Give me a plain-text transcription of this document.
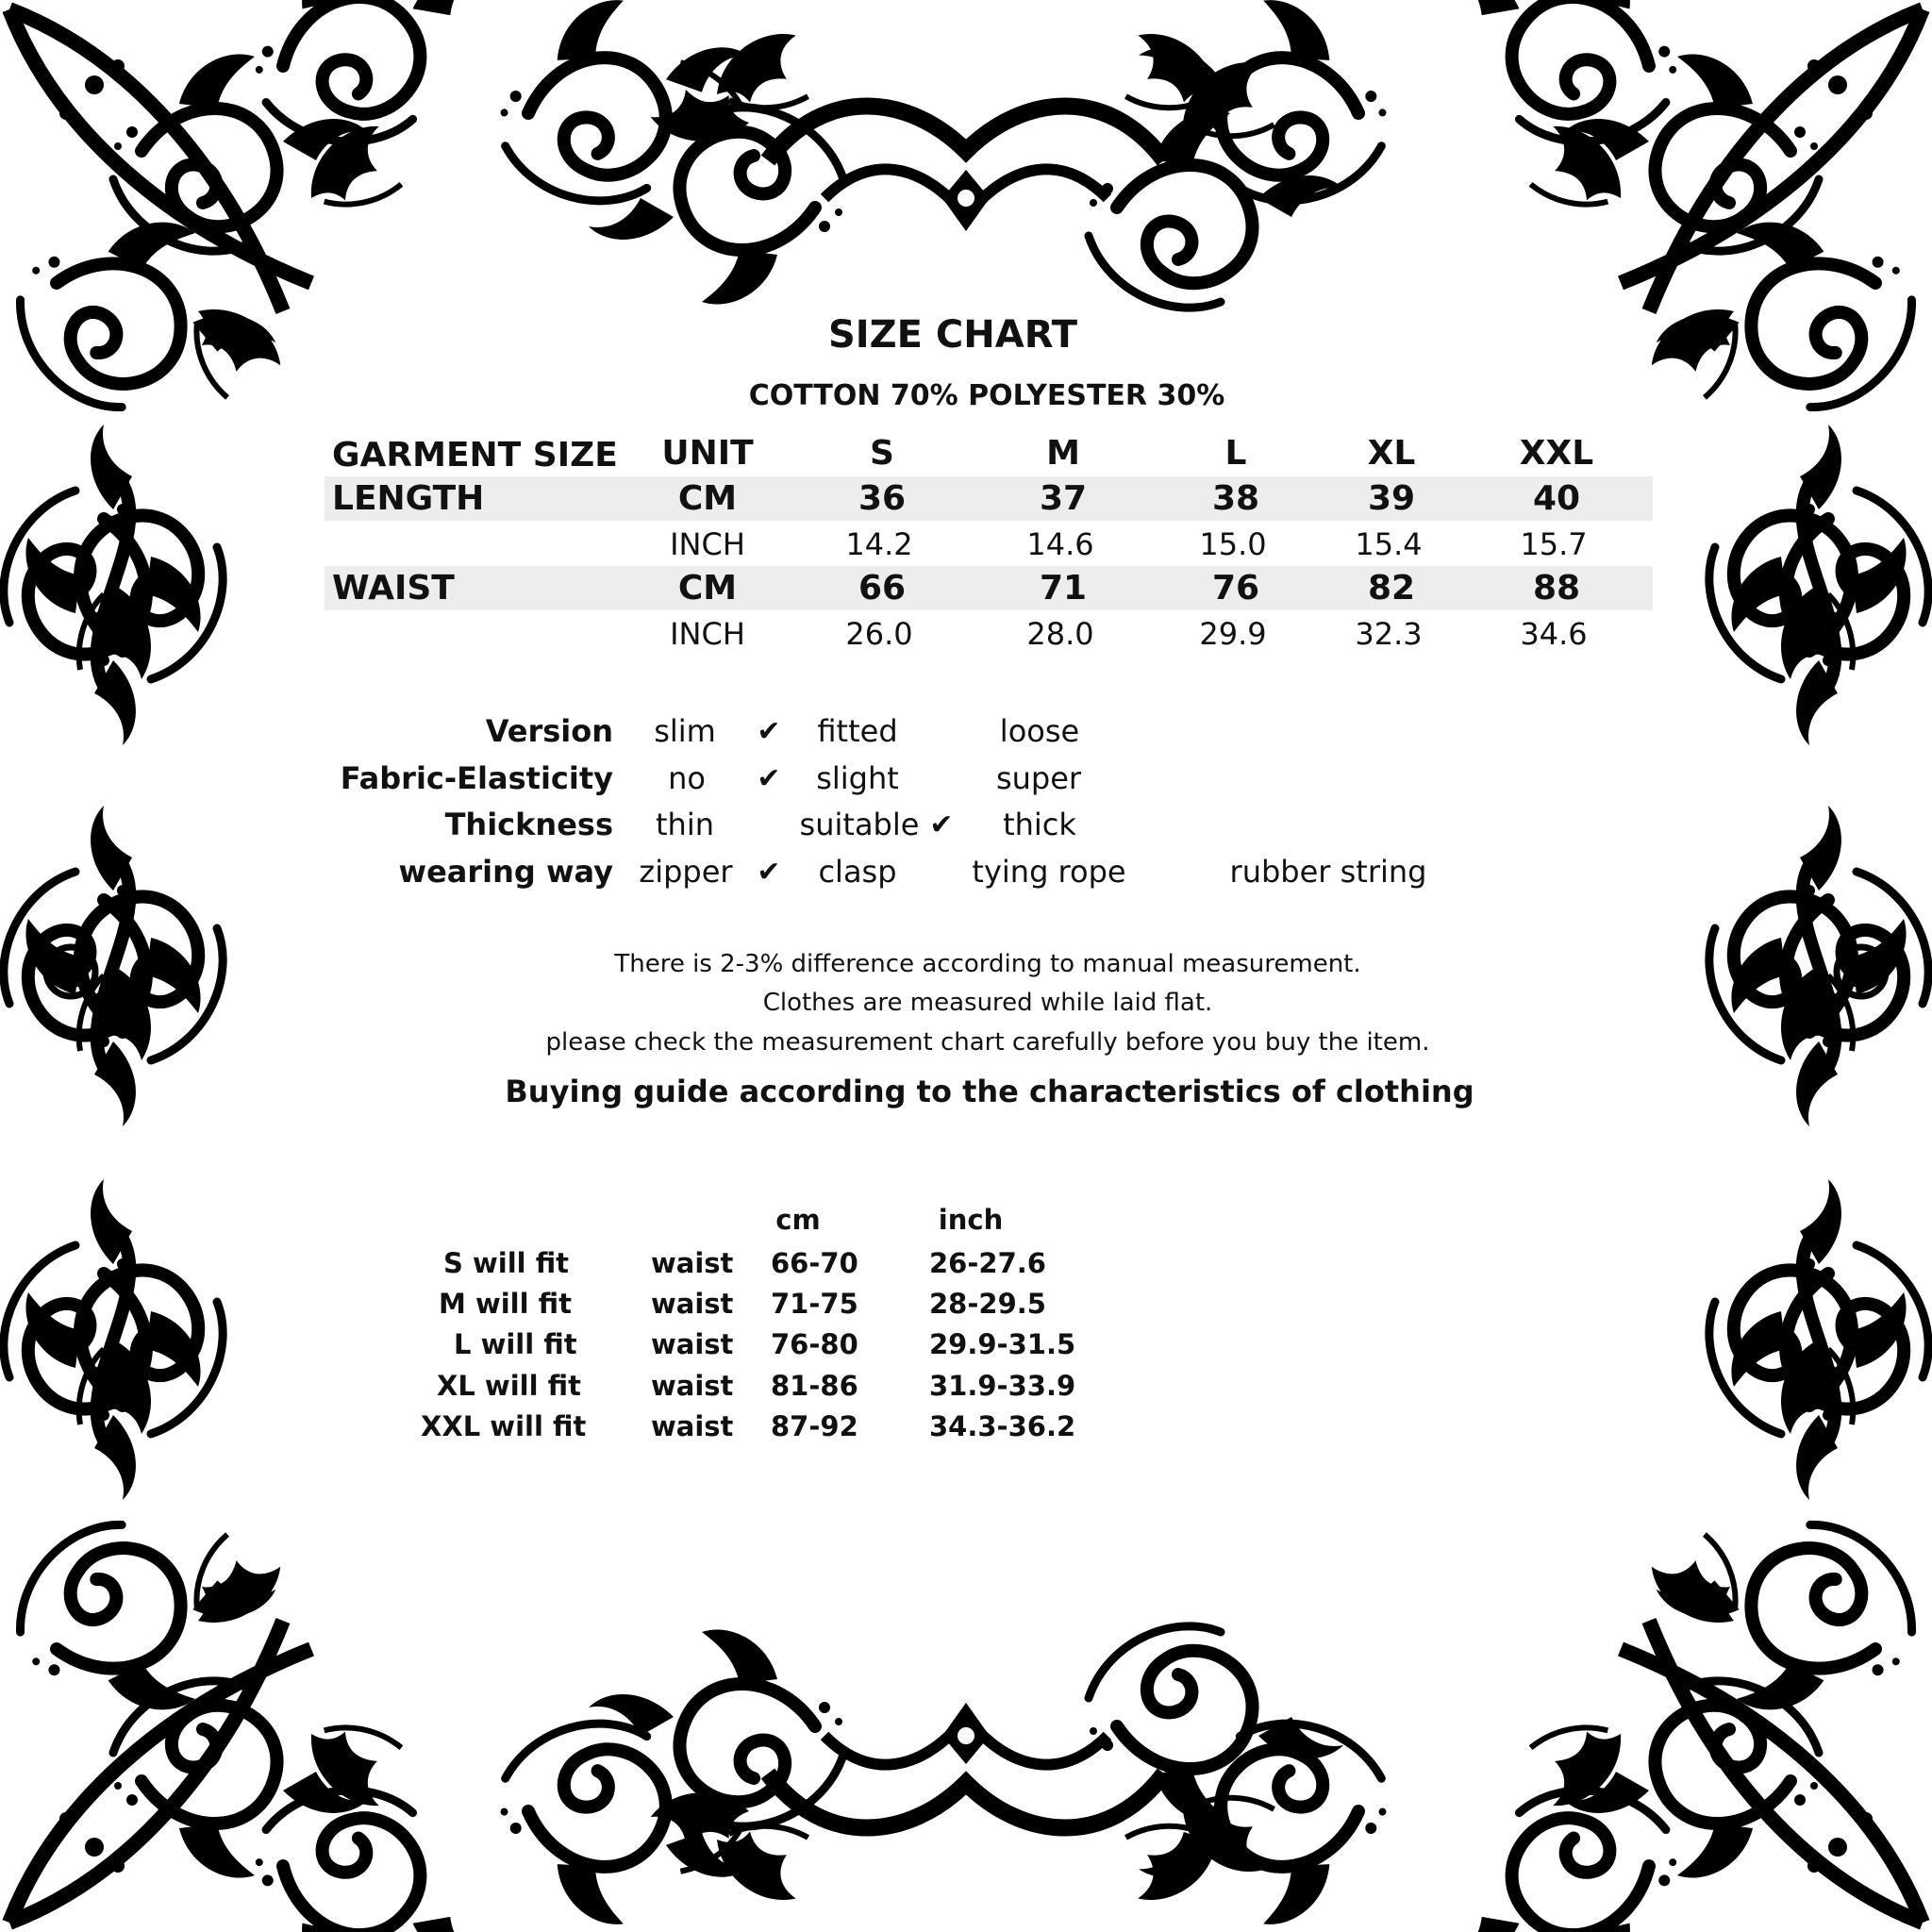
SIZE CHART
COTTON 70% POLYESTER 30%
GARMENT SIZE UNIT	S	M	L	XL	XXL
LENGTH	CM	36	37	38	39	40
INCH	14.2	14.6	15.0	15.4	15.7
WAIST	CM	66	71	76	82	88
INCH	26.0	28.0	29.9	32.3	34.6
Version slim ✔ fitted	loose
Fabric-Elasticity no ✔ slight	super
Thickness thin	suitable ✔ thick
wearing way zipper ✔ clasp tying rope	rubber string
There is 2-3% difference according to manual measurement.
Clothes are measured while laid flat.
please check the measurement chart carefully before you buy the item.
Buying guide according to the characteristics of clothing
cm	inch
S will fit	waist 66-70	26-27.6
M will fit	waist 71-75	28-29.5
L will fit	waist 76-80	29.9-31.5
XL will fit	waist 81-86	31.9-33.9
XXL will fit waist 87-92	34.3-36.2
